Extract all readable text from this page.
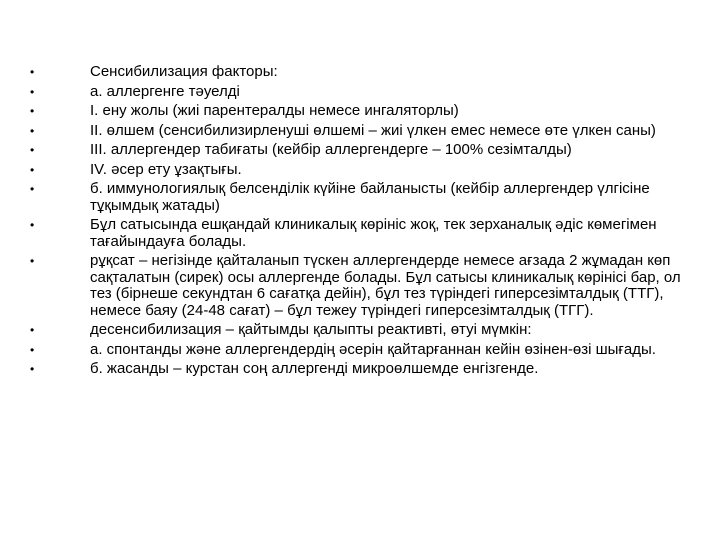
•	Сенсибилизация факторы:
•	а. аллергенге тәуелді
•	I. ену жолы (жиі парентералды немесе ингаляторлы)
•	II. өлшем (сенсибилизирленуші өлшемі – жиі үлкен емес немесе өте үлкен саны)
•	III. аллергендер табиғаты (кейбір аллергендерге – 100% сезімталды)
•	IV. әсер ету ұзақтығы.
•	б. иммунологиялық белсенділік күйіне байланысты (кейбір аллергендер үлгісіне тұқымдық жатады)
•	Бұл сатысында ешқандай клиникалық көрініс жоқ, тек зерханалық әдіс көмегімен тағайындауға болады.
•	рұқсат – негізінде қайталанып түскен аллергендерде немесе ағзада 2 жұмадан көп сақталатын (сирек) осы аллергенде болады. Бұл сатысы клиникалық көрінісі бар, ол тез (бірнеше секундтан 6 сағатқа дейін), бұл тез түріндегі гиперсезімталдық (ТТГ), немесе баяу (24-48 сағат) – бұл тежеу түріндегі гиперсезімталдық (ТГГ).
•	десенсибилизация – қайтымды қалыпты реактивті, өтуі мүмкін:
•	а. спонтанды және аллергендердің әсерін қайтарғаннан кейін өзінен-өзі шығады.
•	б. жасанды – курстан соң аллергенді микроөлшемде енгізгенде.
